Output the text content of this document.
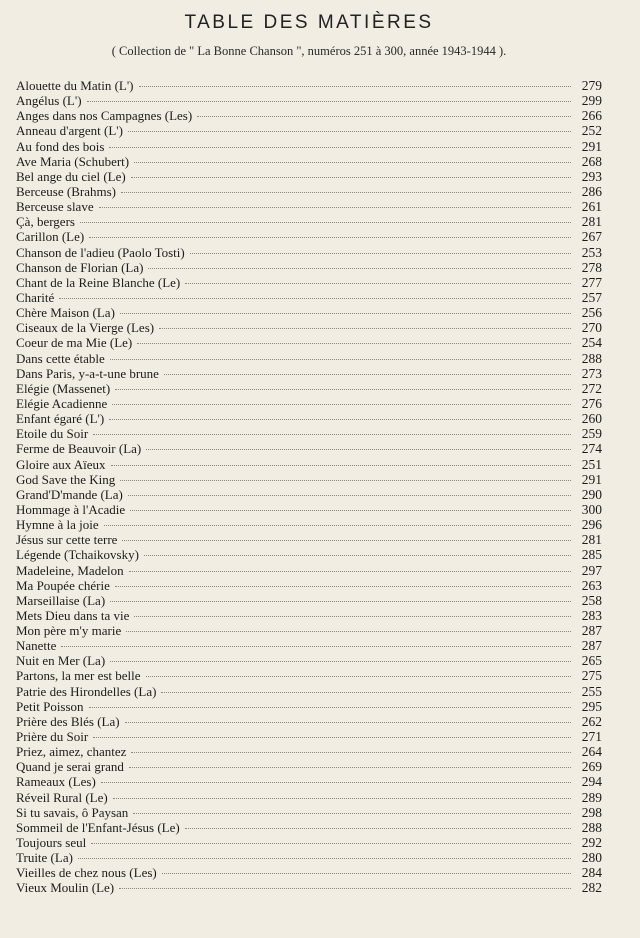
TABLE DES MATIÈRES

( Collection de " La Bonne Chanson ", numéros 251 à 300, année 1943-1944 ).

Alouette du Matin (L')	279
Angélus (L')	299
Anges dans nos Campagnes (Les)	266
Anneau d'argent (L')	252
Au fond des bois	291
Ave Maria (Schubert)	268
Bel ange du ciel (Le)	293
Berceuse (Brahms)	286
Berceuse slave	261
Çà, bergers	281
Carillon (Le)	267
Chanson de l'adieu (Paolo Tosti)	253
Chanson de Florian (La)	278
Chant de la Reine Blanche (Le)	277
Charité	257
Chère Maison (La)	256
Ciseaux de la Vierge (Les)	270
Coeur de ma Mie (Le)	254
Dans cette étable	288
Dans Paris, y-a-t-une brune	273
Elégie (Massenet)	272
Elégie Acadienne	276
Enfant égaré (L')	260
Etoile du Soir	259
Ferme de Beauvoir (La)	274
Gloire aux Aïeux	251
God Save the King	291
Grand'D'mande (La)	290
Hommage à l'Acadie	300
Hymne à la joie	296
Jésus sur cette terre	281
Légende (Tchaikovsky)	285
Madeleine, Madelon	297
Ma Poupée chérie	263
Marseillaise (La)	258
Mets Dieu dans ta vie	283
Mon père m'y marie	287
Nanette	287
Nuit en Mer (La)	265
Partons, la mer est belle	275
Patrie des Hirondelles (La)	255
Petit Poisson	295
Prière des Blés (La)	262
Prière du Soir	271
Priez, aimez, chantez	264
Quand je serai grand	269
Rameaux (Les)	294
Réveil Rural (Le)	289
Si tu savais, ô Paysan	298
Sommeil de l'Enfant-Jésus (Le)	288
Toujours seul	292
Truite (La)	280
Vieilles de chez nous (Les)	284
Vieux Moulin (Le)	282
